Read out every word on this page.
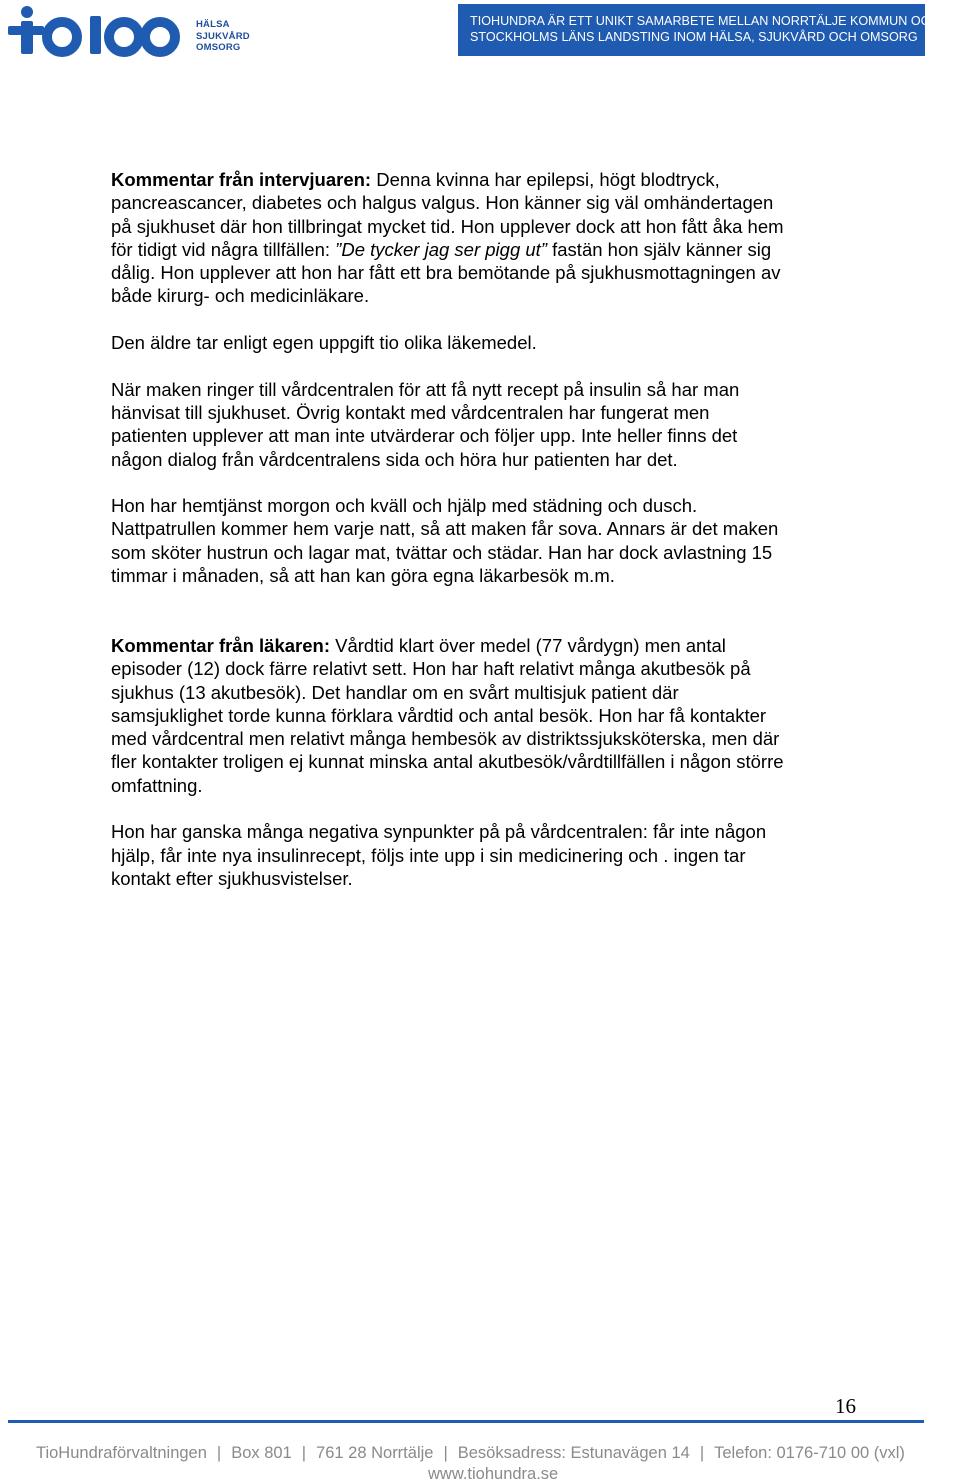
HÄLSA
SJUKVÅRD
OMSORG
TIOHUNDRA ÄR ETT UNIKT SAMARBETE MELLAN NORRTÄLJE KOMMUN OCH
STOCKHOLMS LÄNS LANDSTING INOM HÄLSA, SJUKVÅRD OCH OMSORG

Kommentar från intervjuaren: Denna kvinna har epilepsi, högt blodtryck,
pancreascancer, diabetes och halgus valgus. Hon känner sig väl omhändertagen
på sjukhuset där hon tillbringat mycket tid. Hon upplever dock att hon fått åka hem
för tidigt vid några tillfällen: ”De tycker jag ser pigg ut” fastän hon själv känner sig
dålig. Hon upplever att hon har fått ett bra bemötande på sjukhusmottagningen av
både kirurg- och medicinläkare.

Den äldre tar enligt egen uppgift tio olika läkemedel.

När maken ringer till vårdcentralen för att få nytt recept på insulin så har man
hänvisat till sjukhuset. Övrig kontakt med vårdcentralen har fungerat men
patienten upplever att man inte utvärderar och följer upp. Inte heller finns det
någon dialog från vårdcentralens sida och höra hur patienten har det.

Hon har hemtjänst morgon och kväll och hjälp med städning och dusch.
Nattpatrullen kommer hem varje natt, så att maken får sova. Annars är det maken
som sköter hustrun och lagar mat, tvättar och städar. Han har dock avlastning 15
timmar i månaden, så att han kan göra egna läkarbesök m.m.

Kommentar från läkaren: Vårdtid klart över medel (77 vårdygn) men antal
episoder (12) dock färre relativt sett. Hon har haft relativt många akutbesök på
sjukhus (13 akutbesök). Det handlar om en svårt multisjuk patient där
samsjuklighet torde kunna förklara vårdtid och antal besök. Hon har få kontakter
med vårdcentral men relativt många hembesök av distriktssjuksköterska, men där
fler kontakter troligen ej kunnat minska antal akutbesök/vårdtillfällen i någon större
omfattning.

Hon har ganska många negativa synpunkter på på vårdcentralen: får inte någon
hjälp, får inte nya insulinrecept, följs inte upp i sin medicinering och . ingen tar
kontakt efter sjukhusvistelser.

16
TioHundraförvaltningen | Box 801 | 761 28 Norrtälje | Besöksadress: Estunavägen 14 | Telefon: 0176-710 00 (vxl)
www.tiohundra.se
